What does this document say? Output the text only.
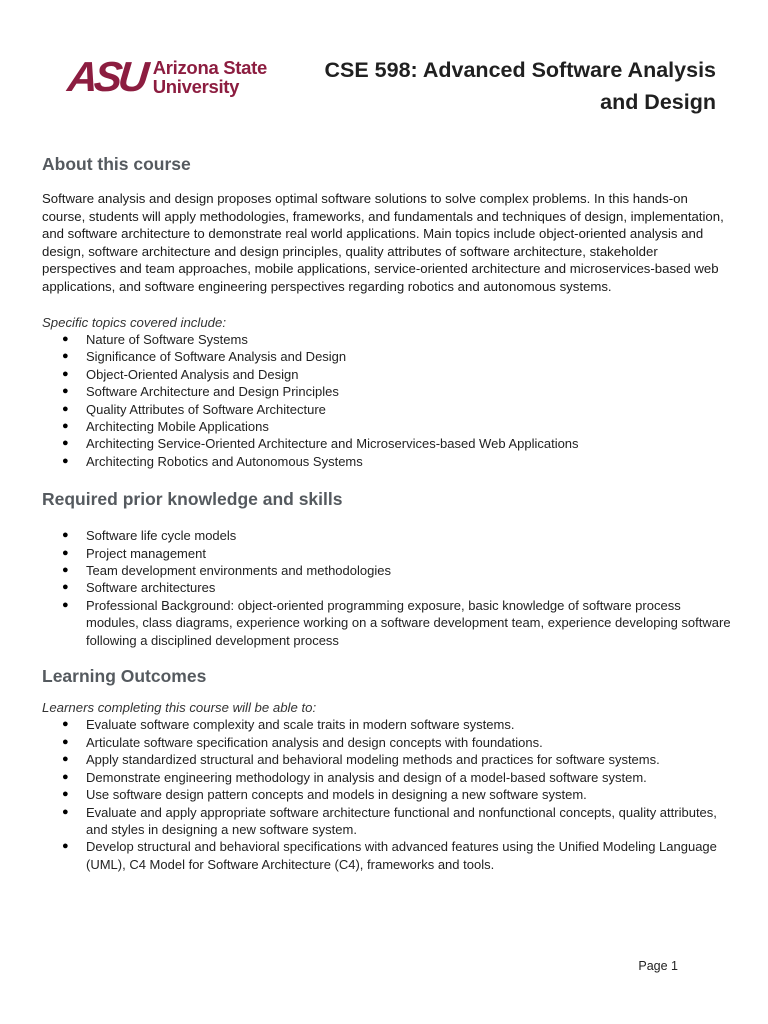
ASU Arizona State
University
CSE 598: Advanced Software Analysis
and Design
About this course

Software analysis and design proposes optimal software solutions to solve complex problems. In this hands-on course, students will apply methodologies, frameworks, and fundamentals and techniques of design, implementation, and software architecture to demonstrate real world applications. Main topics include object-oriented analysis and design, software architecture and design principles, quality attributes of software architecture, stakeholder perspectives and team approaches, mobile applications, service-oriented architecture and microservices-based web applications, and software engineering perspectives regarding robotics and autonomous systems.

Specific topics covered include:

● Nature of Software Systems
● Significance of Software Analysis and Design
● Object-Oriented Analysis and Design
● Software Architecture and Design Principles
● Quality Attributes of Software Architecture
● Architecting Mobile Applications
● Architecting Service-Oriented Architecture and Microservices-based Web Applications
● Architecting Robotics and Autonomous Systems
Required prior knowledge and skills
● Software life cycle models
● Project management
● Team development environments and methodologies
● Software architectures
● Professional Background: object-oriented programming exposure, basic knowledge of software process modules, class diagrams, experience working on a software development team, experience developing software following a disciplined development process
Learning Outcomes

Learners completing this course will be able to:

● Evaluate software complexity and scale traits in modern software systems.
● Articulate software specification analysis and design concepts with foundations.
● Apply standardized structural and behavioral modeling methods and practices for software systems.
● Demonstrate engineering methodology in analysis and design of a model-based software system.
● Use software design pattern concepts and models in designing a new software system.
● Evaluate and apply appropriate software architecture functional and nonfunctional concepts, quality attributes, and styles in designing a new software system.
● Develop structural and behavioral specifications with advanced features using the Unified Modeling Language (UML), C4 Model for Software Architecture (C4), frameworks and tools.
Page 1
